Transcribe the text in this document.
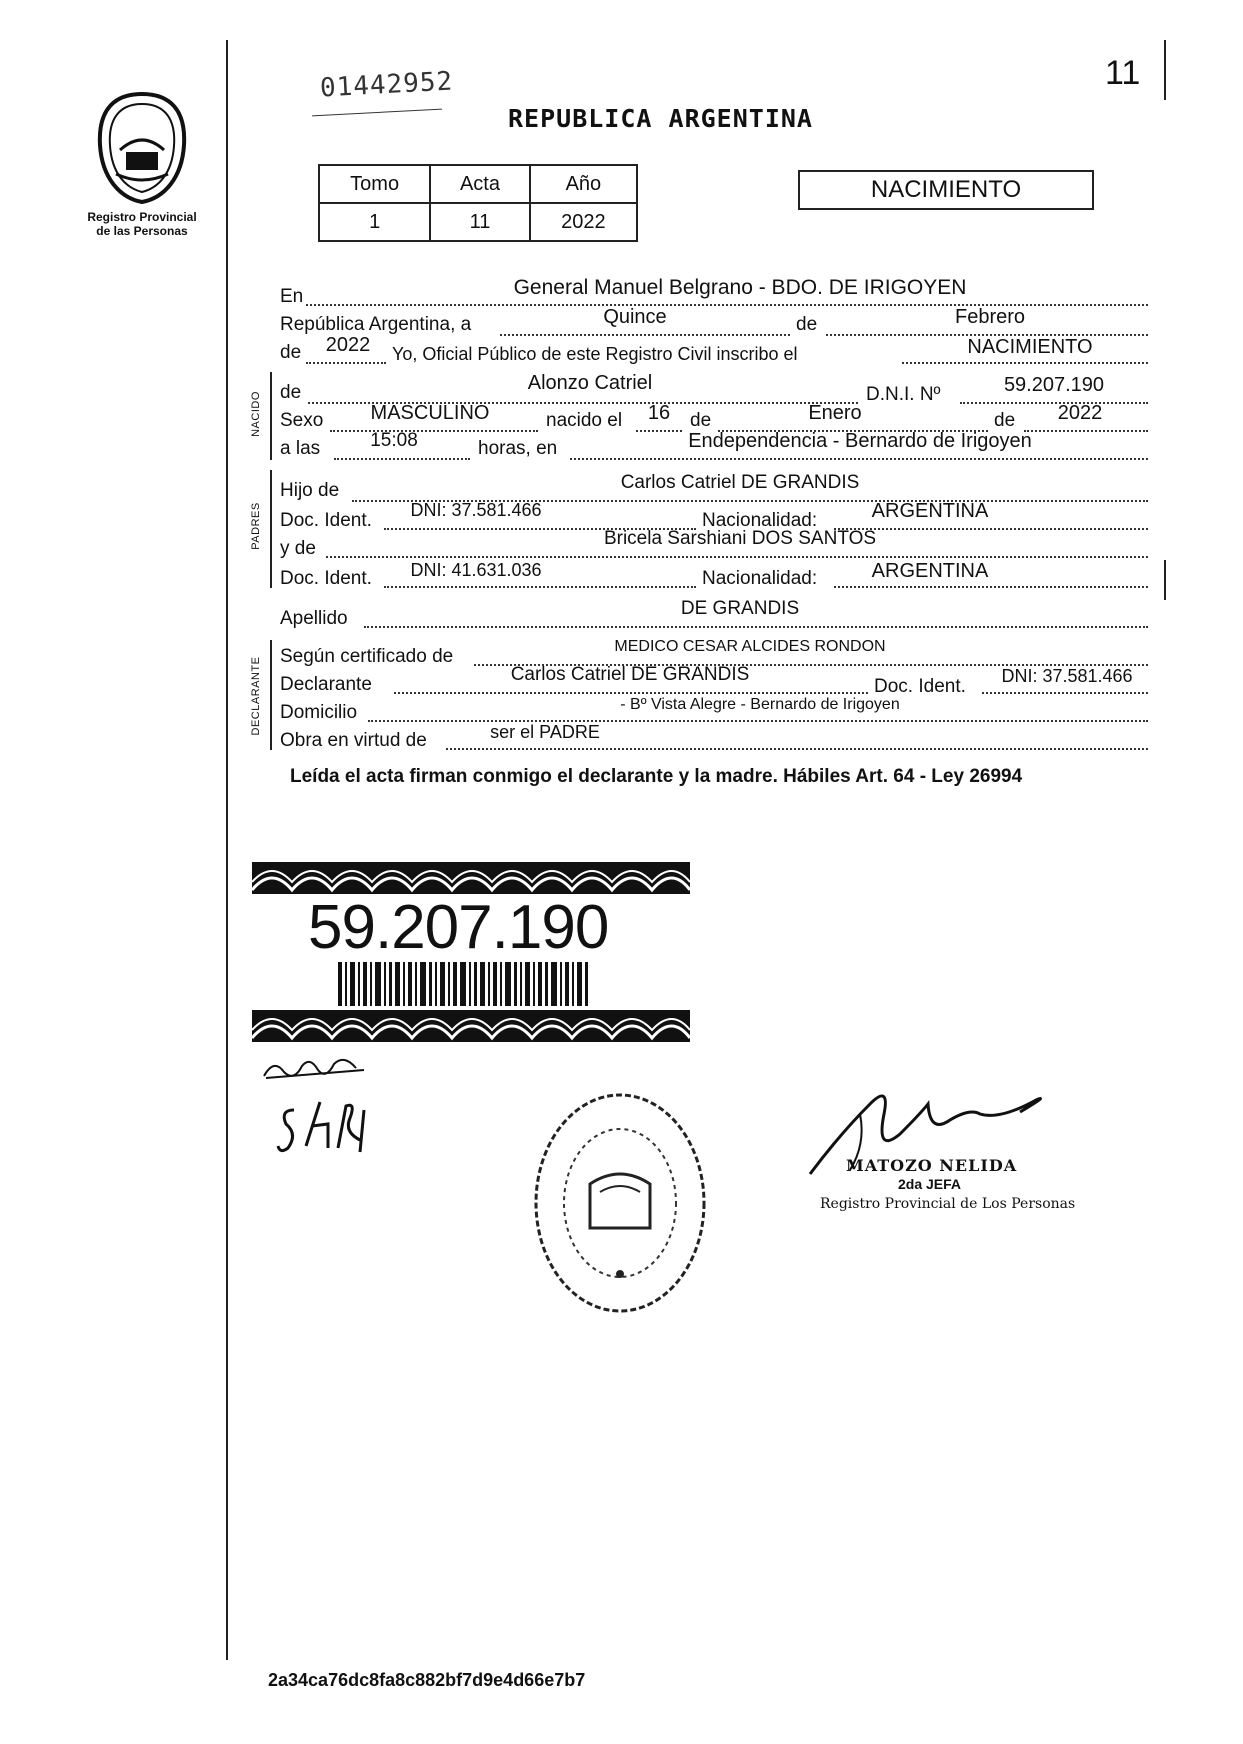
Registro Provincial
de las Personas
01442952	11
REPUBLICA ARGENTINA
Tomo	Acta	Año
1	11	2022
NACIMIENTO
En	General Manuel Belgrano - BDO. DE IRIGOYEN
República Argentina, a	Quince	de	Febrero
de	2022	Yo, Oficial Público de este Registro Civil inscribo el	NACIMIENTO
NACIDO de	Alonzo Catriel
D.N.I. Nº	59.207.190
Sexo	MASCULINO	nacido el	16	de	Enero	de	2022
a las	15:08	horas, en	Endependencia - Bernardo de Irigoyen
PADRES
Hijo de	Carlos Catriel DE GRANDIS
Doc. Ident.	DNI: 37.581.466	Nacionalidad:	ARGENTINA
y de	Bricela Sarshiani DOS SANTOS
Doc. Ident.	DNI: 41.631.036	Nacionalidad:	ARGENTINA
Apellido	DE GRANDIS
DECLARANTE
Según certificado de	MEDICO CESAR ALCIDES RONDON
Declarante	Carlos Catriel DE GRANDIS
Doc. Ident.	DNI: 37.581.466
Domicilio	- Bº Vista Alegre - Bernardo de Irigoyen
Obra en virtud de	ser el PADRE
Leída el acta firman conmigo el declarante y la madre. Hábiles Art. 64 - Ley 26994
59.207.190
MATOZO NELIDA
2da JEFA
Registro Provincial de Los Personas
2a34ca76dc8fa8c882bf7d9e4d66e7b7
